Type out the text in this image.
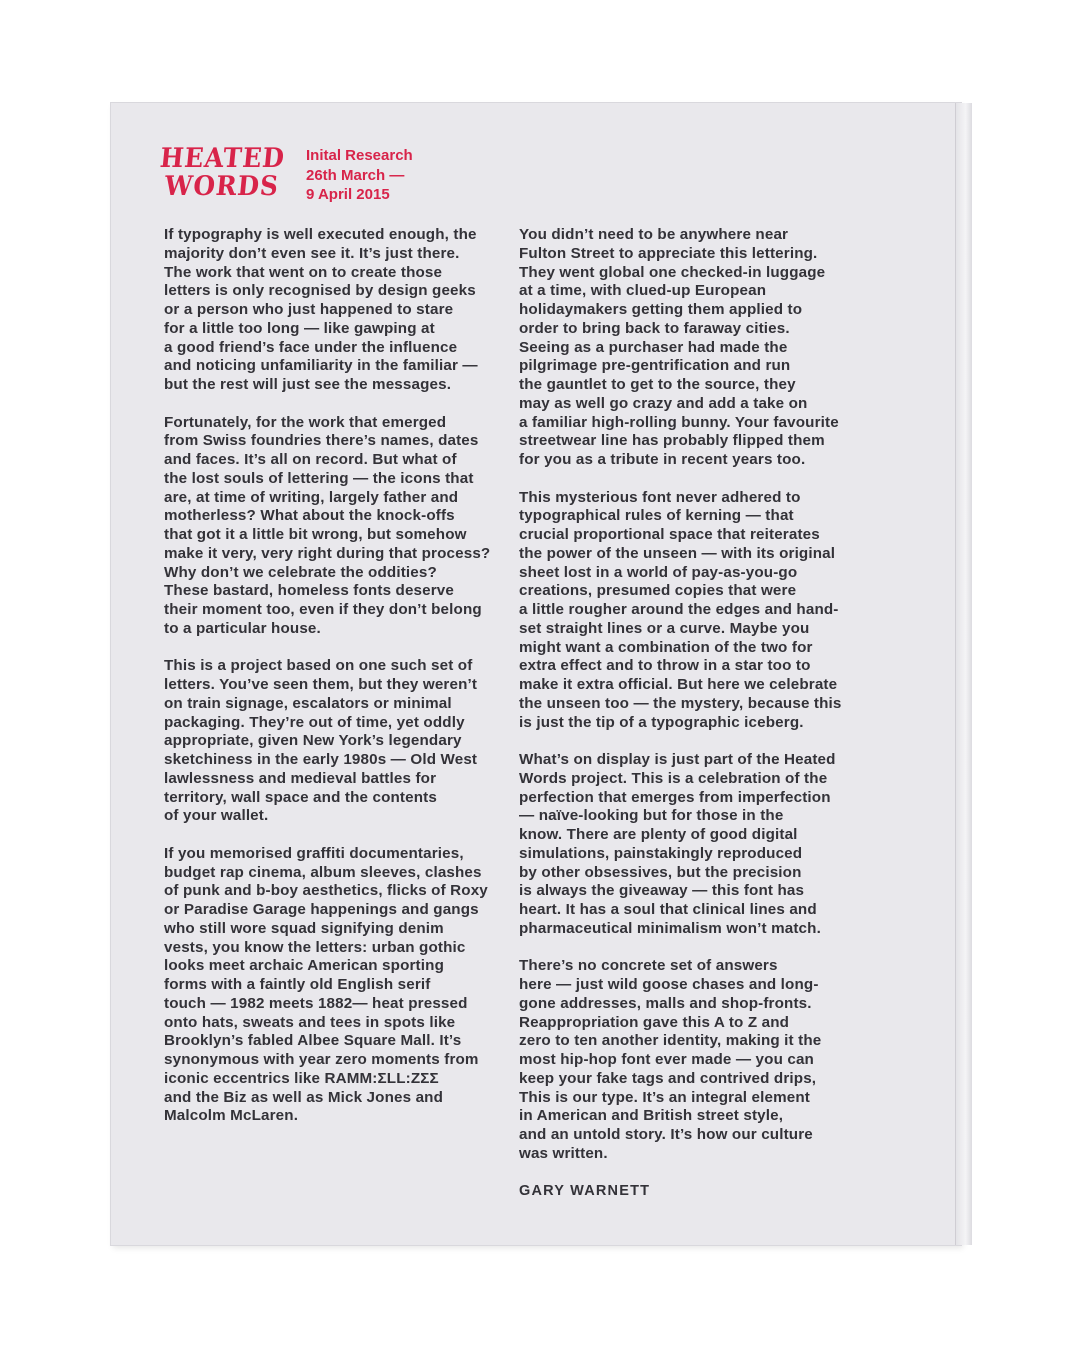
HEATED
WORDS
Inital Research
26th March —
9 April 2015
If typography is well executed enough, the
majority don’t even see it. It’s just there.
The work that went on to create those
letters is only recognised by design geeks
or a person who just happened to stare
for a little too long — like gawping at
a good friend’s face under the influence
and noticing unfamiliarity in the familiar —
but the rest will just see the messages.
Fortunately, for the work that emerged
from Swiss foundries there’s names, dates
and faces. It’s all on record. But what of
the lost souls of lettering — the icons that
are, at time of writing, largely father and
motherless? What about the knock-offs
that got it a little bit wrong, but somehow
make it very, very right during that process?
Why don’t we celebrate the oddities?
These bastard, homeless fonts deserve
their moment too, even if they don’t belong
to a particular house.
This is a project based on one such set of
letters. You’ve seen them, but they weren’t
on train signage, escalators or minimal
packaging. They’re out of time, yet oddly
appropriate, given New York’s legendary
sketchiness in the early 1980s — Old West
lawlessness and medieval battles for
territory, wall space and the contents
of your wallet.
If you memorised graffiti documentaries,
budget rap cinema, album sleeves, clashes
of punk and b-boy aesthetics, flicks of Roxy
or Paradise Garage happenings and gangs
who still wore squad signifying denim
vests, you know the letters: urban gothic
looks meet archaic American sporting
forms with a faintly old English serif
touch — 1982 meets 1882— heat pressed
onto hats, sweats and tees in spots like
Brooklyn’s fabled Albee Square Mall. It’s
synonymous with year zero moments from
iconic eccentrics like RAMM:ΣLL:ZΣΣ
and the Biz as well as Mick Jones and
Malcolm McLaren.
You didn’t need to be anywhere near
Fulton Street to appreciate this lettering.
They went global one checked-in luggage
at a time, with clued-up European
holidaymakers getting them applied to
order to bring back to faraway cities.
Seeing as a purchaser had made the
pilgrimage pre-gentrification and run
the gauntlet to get to the source, they
may as well go crazy and add a take on
a familiar high-rolling bunny. Your favourite
streetwear line has probably flipped them
for you as a tribute in recent years too.
This mysterious font never adhered to
typographical rules of kerning — that
crucial proportional space that reiterates
the power of the unseen — with its original
sheet lost in a world of pay-as-you-go
creations, presumed copies that were
a little rougher around the edges and hand-
set straight lines or a curve. Maybe you
might want a combination of the two for
extra effect and to throw in a star too to
make it extra official. But here we celebrate
the unseen too — the mystery, because this
is just the tip of a typographic iceberg.
What’s on display is just part of the Heated
Words project. This is a celebration of the
perfection that emerges from imperfection
— naïve-looking but for those in the
know. There are plenty of good digital
simulations, painstakingly reproduced
by other obsessives, but the precision
is always the giveaway — this font has
heart. It has a soul that clinical lines and
pharmaceutical minimalism won’t match.
There’s no concrete set of answers
here — just wild goose chases and long-
gone addresses, malls and shop-fronts.
Reappropriation gave this A to Z and
zero to ten another identity, making it the
most hip-hop font ever made — you can
keep your fake tags and contrived drips,
This is our type. It’s an integral element
in American and British street style,
and an untold story. It’s how our culture
was written.
GARY WARNETT
